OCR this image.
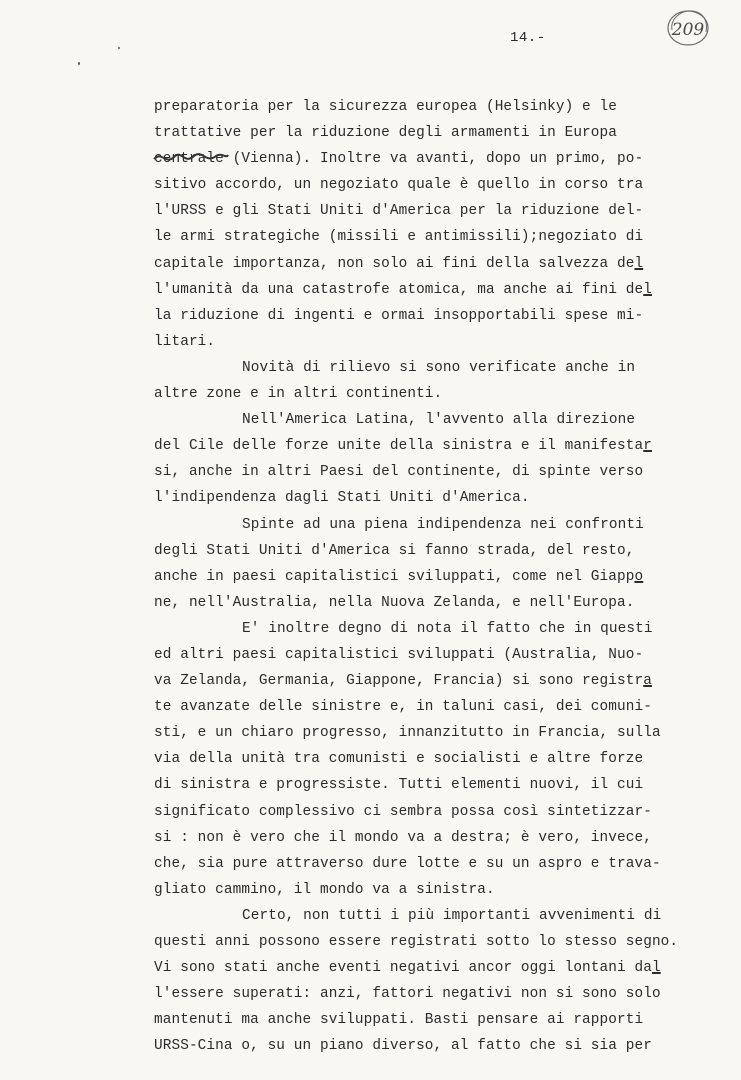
14.-	209
preparatoria per la sicurezza europea (Helsinky) e le
trattative per la riduzione degli armamenti in Europa
centrale
(Vienna). Inoltre va avanti, dopo un primo, po-
sitivo accordo, un negoziato quale è quello in corso tra
l'URSS e gli Stati Uniti d'America per la riduzione del-
le armi strategiche (missili e antimissili);negoziato di
capitale importanza, non solo ai fini della salvezza del
l'umanità da una catastrofe atomica, ma anche ai fini del
la riduzione di ingenti e ormai insopportabili spese mi-
litari.
Novità di rilievo si sono verificate anche in
altre zone e in altri continenti.
Nell'America Latina, l'avvento alla direzione
del Cile delle forze unite della sinistra e il manifestar
si, anche in altri Paesi del continente, di spinte verso
l'indipendenza dagli Stati Uniti d'America.
Spinte ad una piena indipendenza nei confronti
degli Stati Uniti d'America si fanno strada, del resto,
anche in paesi capitalistici sviluppati, come nel Giappo
ne, nell'Australia, nella Nuova Zelanda, e nell'Europa.
E' inoltre degno di nota il fatto che in questi
ed altri paesi capitalistici sviluppati (Australia, Nuo-
va Zelanda, Germania, Giappone, Francia) si sono registra
te avanzate delle sinistre e, in taluni casi, dei comuni-
sti, e un chiaro progresso, innanzitutto in Francia, sulla
via della unità tra comunisti e socialisti e altre forze
di sinistra e progressiste. Tutti elementi nuovi, il cui
significato complessivo ci sembra possa così sintetizzar-
si : non è vero che il mondo va a destra; è vero, invece,
che, sia pure attraverso dure lotte e su un aspro e trava-
gliato cammino, il mondo va a sinistra.
Certo, non tutti i più importanti avvenimenti di
questi anni possono essere registrati sotto lo stesso segno.
Vi sono stati anche eventi negativi ancor oggi lontani dal
l'essere superati: anzi, fattori negativi non si sono solo
mantenuti ma anche sviluppati. Basti pensare ai rapporti
URSS-Cina o, su un piano diverso, al fatto che si sia per
